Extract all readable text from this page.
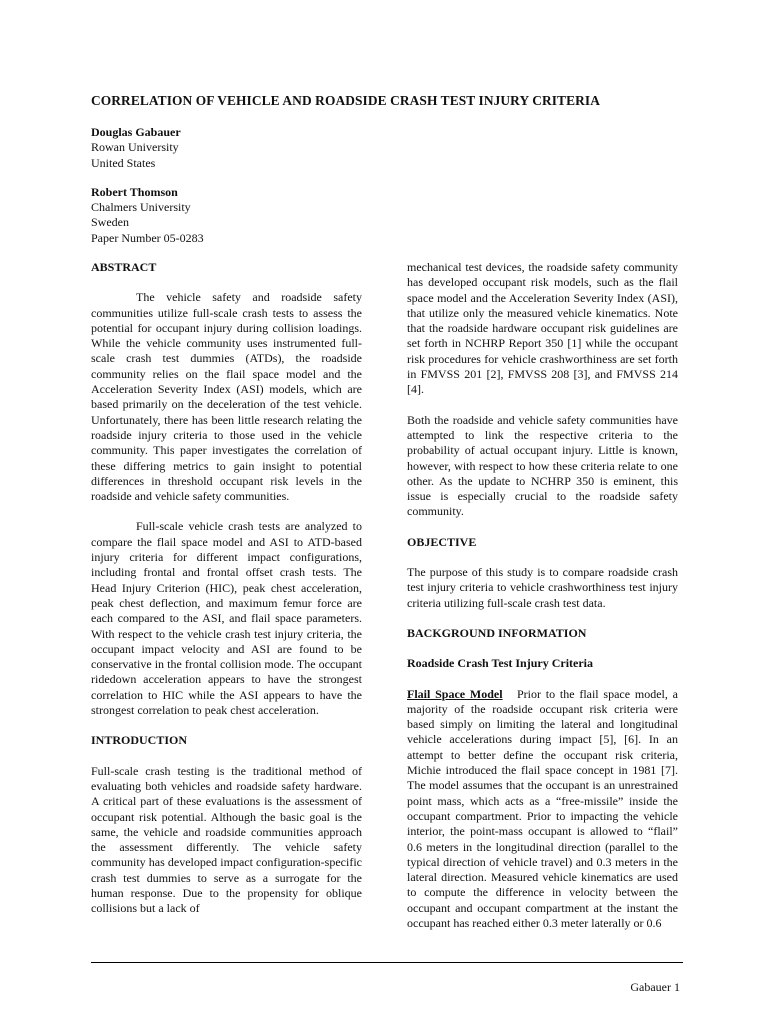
CORRELATION OF VEHICLE AND ROADSIDE CRASH TEST INJURY CRITERIA
Douglas Gabauer
Rowan University
United States
Robert Thomson
Chalmers University
Sweden
Paper Number 05-0283
ABSTRACT

The vehicle safety and roadside safety communities utilize full-scale crash tests to assess the potential for occupant injury during collision loadings. While the vehicle community uses instrumented full-scale crash test dummies (ATDs), the roadside community relies on the flail space model and the Acceleration Severity Index (ASI) models, which are based primarily on the deceleration of the test vehicle. Unfortunately, there has been little research relating the roadside injury criteria to those used in the vehicle community. This paper investigates the correlation of these differing metrics to gain insight to potential differences in threshold occupant risk levels in the roadside and vehicle safety communities.

Full-scale vehicle crash tests are analyzed to compare the flail space model and ASI to ATD-based injury criteria for different impact configurations, including frontal and frontal offset crash tests. The Head Injury Criterion (HIC), peak chest acceleration, peak chest deflection, and maximum femur force are each compared to the ASI, and flail space parameters. With respect to the vehicle crash test injury criteria, the occupant impact velocity and ASI are found to be conservative in the frontal collision mode. The occupant ridedown acceleration appears to have the strongest correlation to HIC while the ASI appears to have the strongest correlation to peak chest acceleration.

INTRODUCTION

Full-scale crash testing is the traditional method of evaluating both vehicles and roadside safety hardware. A critical part of these evaluations is the assessment of occupant risk potential. Although the basic goal is the same, the vehicle and roadside communities approach the assessment differently. The vehicle safety community has developed impact configuration-specific crash test dummies to serve as a surrogate for the human response. Due to the propensity for oblique collisions but a lack of

mechanical test devices, the roadside safety community has developed occupant risk models, such as the flail space model and the Acceleration Severity Index (ASI), that utilize only the measured vehicle kinematics. Note that the roadside hardware occupant risk guidelines are set forth in NCHRP Report 350 [1] while the occupant risk procedures for vehicle crashworthiness are set forth in FMVSS 201 [2], FMVSS 208 [3], and FMVSS 214 [4].

Both the roadside and vehicle safety communities have attempted to link the respective criteria to the probability of actual occupant injury. Little is known, however, with respect to how these criteria relate to one other. As the update to NCHRP 350 is eminent, this issue is especially crucial to the roadside safety community.

OBJECTIVE

The purpose of this study is to compare roadside crash test injury criteria to vehicle crashworthiness test injury criteria utilizing full-scale crash test data.

BACKGROUND INFORMATION
Roadside Crash Test Injury Criteria

Flail Space Model Prior to the flail space model, a majority of the roadside occupant risk criteria were based simply on limiting the lateral and longitudinal vehicle accelerations during impact [5], [6]. In an attempt to better define the occupant risk criteria, Michie introduced the flail space concept in 1981 [7]. The model assumes that the occupant is an unrestrained point mass, which acts as a “free-missile” inside the occupant compartment. Prior to impacting the vehicle interior, the point-mass occupant is allowed to “flail” 0.6 meters in the longitudinal direction (parallel to the typical direction of vehicle travel) and 0.3 meters in the lateral direction. Measured vehicle kinematics are used to compute the difference in velocity between the occupant and occupant compartment at the instant the occupant has reached either 0.3 meter laterally or 0.6

Gabauer 1
